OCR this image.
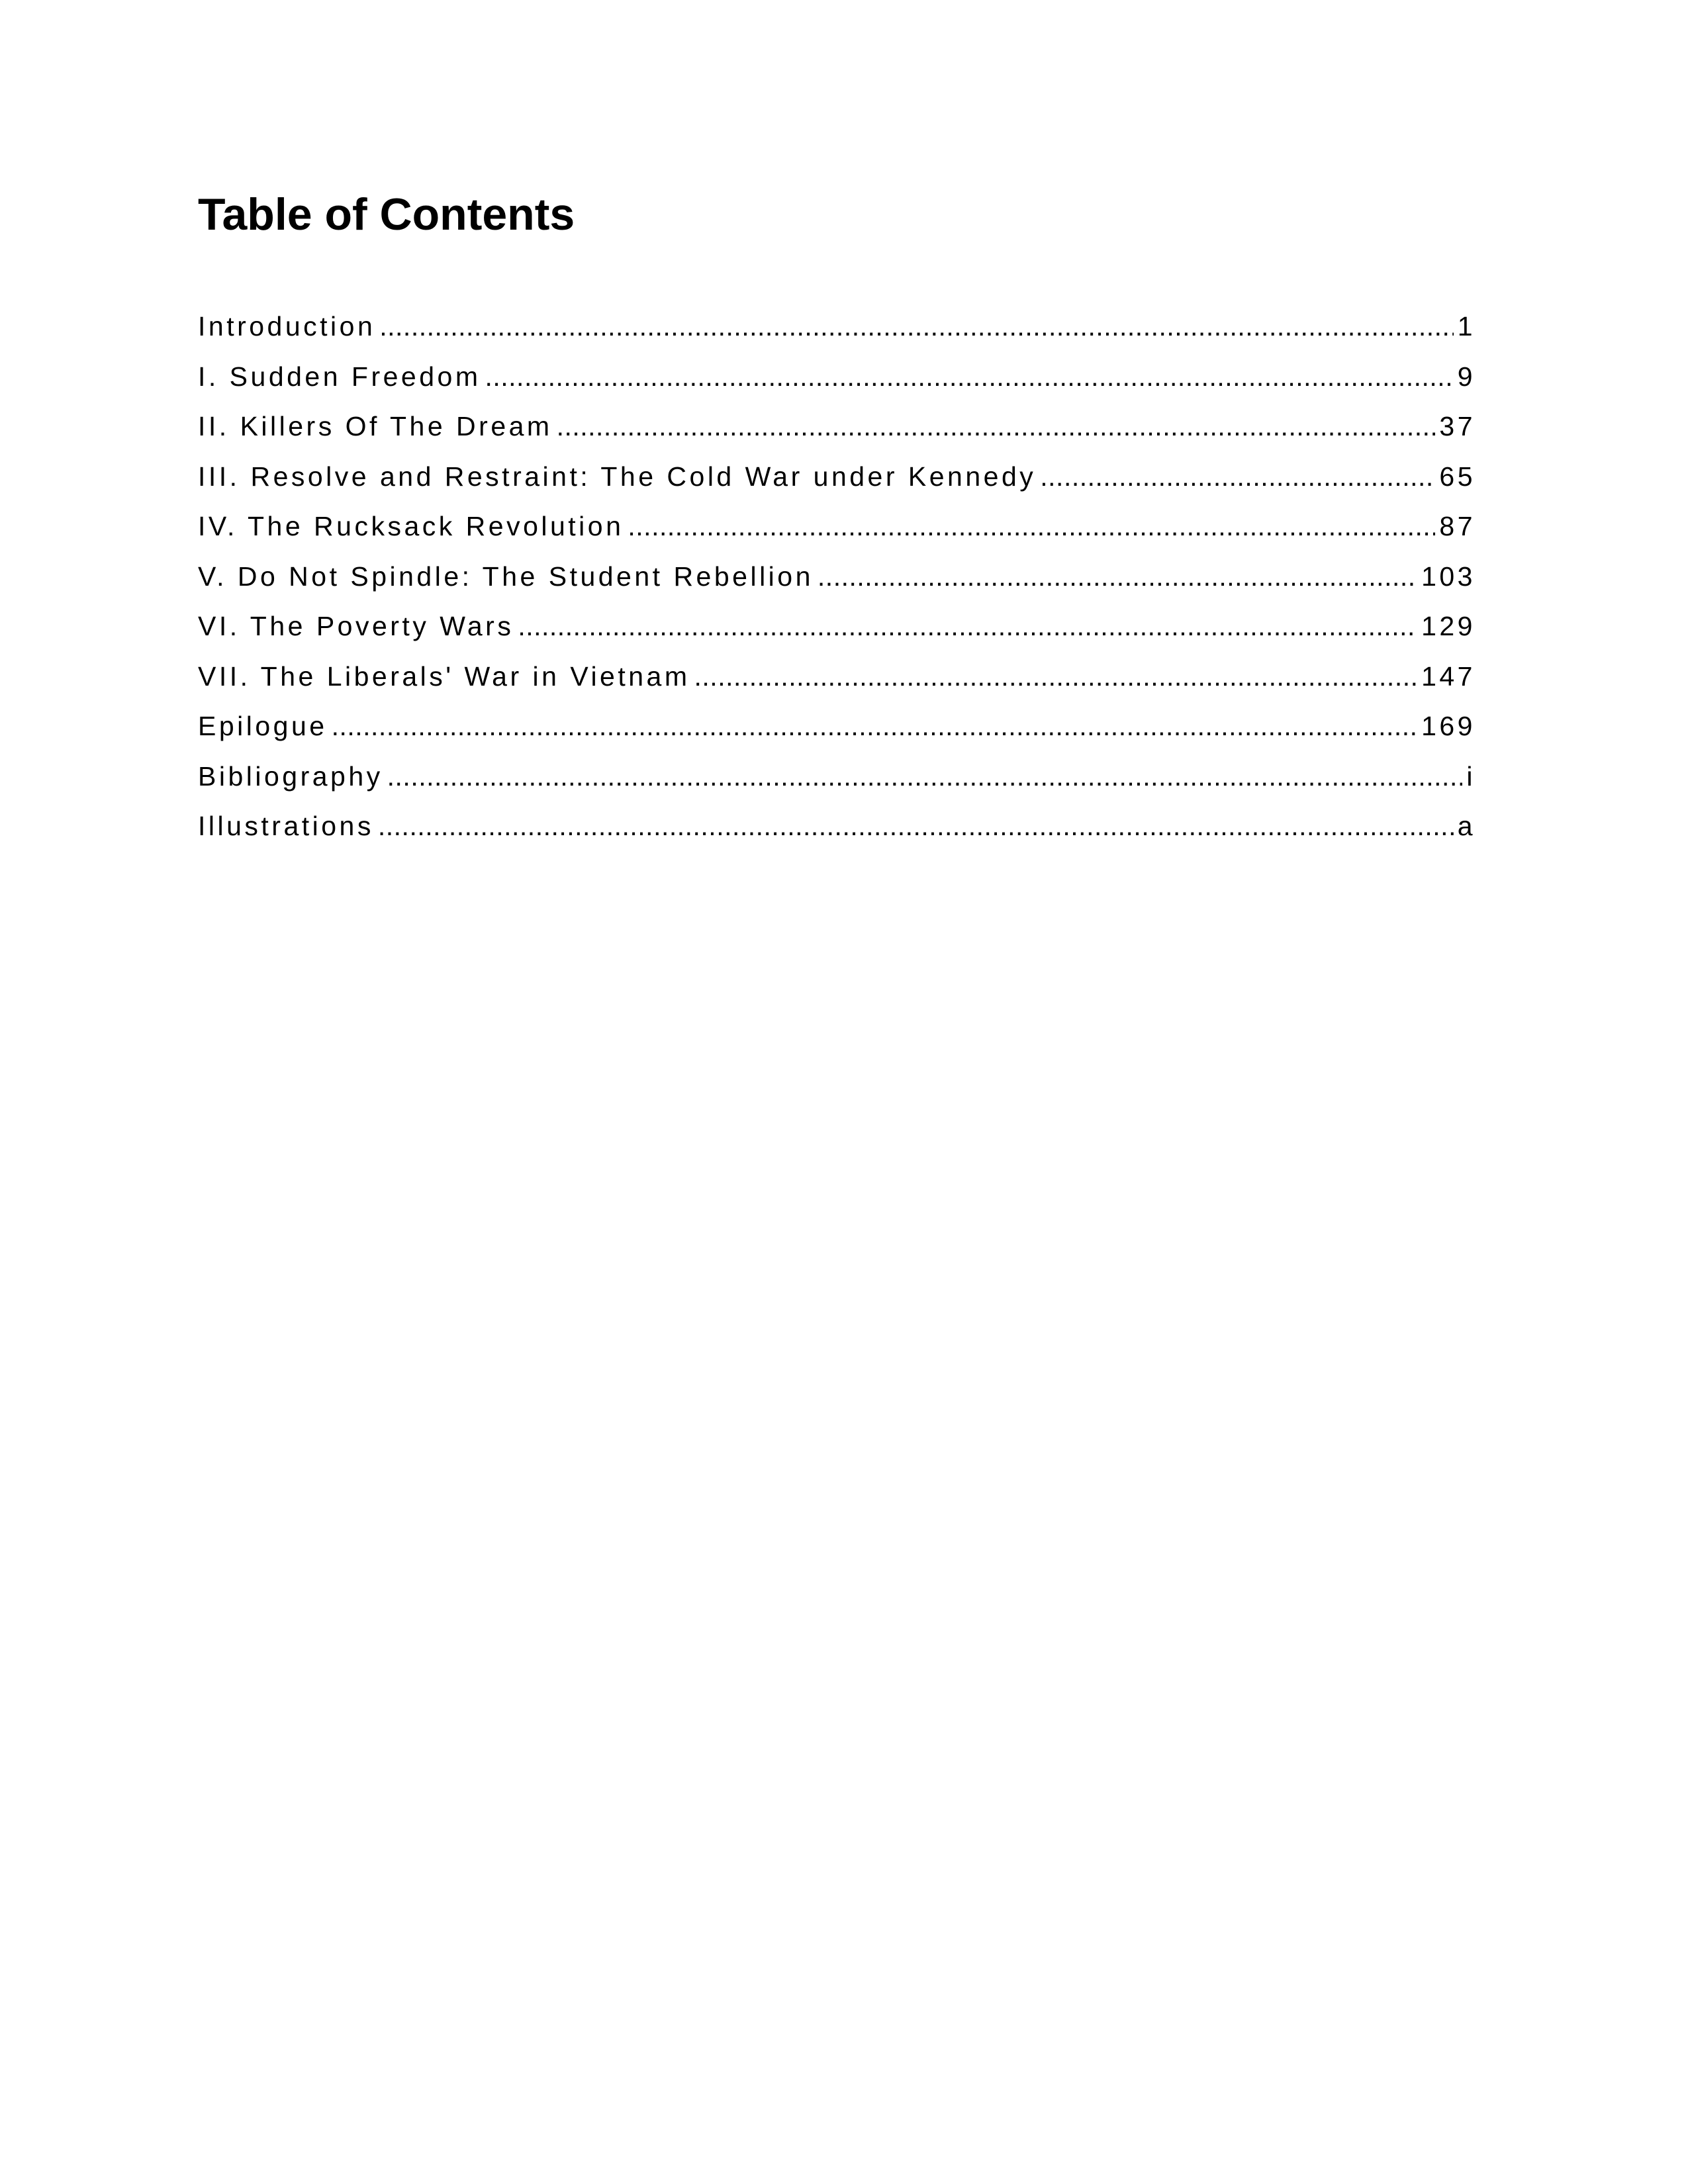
Table of Contents
Introduction .....	1
I. Sudden Freedom .....	9
II. Killers Of The Dream .....	37
III. Resolve and Restraint: The Cold War under Kennedy .....	65
IV. The Rucksack Revolution .....	87
V. Do Not Spindle: The Student Rebellion .....	103
VI. The Poverty Wars .....	129
VII. The Liberals' War in Vietnam .....	147
Epilogue .....	169
Bibliography .....	i
Illustrations .....	a
